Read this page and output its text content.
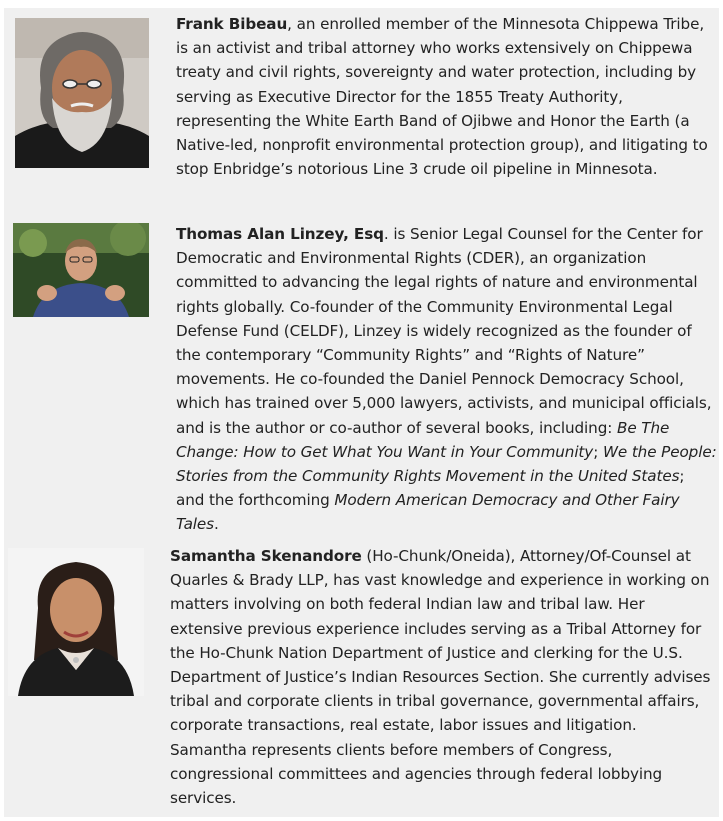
Frank Bibeau, an enrolled member of the Minnesota Chippewa Tribe, is an activist and tribal attorney who works extensively on Chippewa treaty and civil rights, sovereignty and water protection, including by serving as Executive Director for the 1855 Treaty Authority, representing the White Earth Band of Ojibwe and Honor the Earth (a Native-led, nonprofit environmental protection group), and litigating to stop Enbridge’s notorious Line 3 crude oil pipeline in Minnesota.
Thomas Alan Linzey, Esq. is Senior Legal Counsel for the Center for Democratic and Environmental Rights (CDER), an organization committed to advancing the legal rights of nature and environmental rights globally. Co-founder of the Community Environmental Legal Defense Fund (CELDF), Linzey is widely recognized as the founder of the contemporary “Community Rights” and “Rights of Nature” movements. He co-founded the Daniel Pennock Democracy School, which has trained over 5,000 lawyers, activists, and municipal officials, and is the author or co-author of several books, including: Be The Change: How to Get What You Want in Your Community; We the People: Stories from the Community Rights Movement in the United States; and the forthcoming Modern American Democracy and Other Fairy Tales.
Samantha Skenandore (Ho-Chunk/Oneida), Attorney/Of-Counsel at Quarles & Brady LLP, has vast knowledge and experience in working on matters involving on both federal Indian law and tribal law. Her extensive previous experience includes serving as a Tribal Attorney for the Ho-Chunk Nation Department of Justice and clerking for the U.S. Department of Justice’s Indian Resources Section. She currently advises tribal and corporate clients in tribal governance, governmental affairs, corporate transactions, real estate, labor issues and litigation. Samantha represents clients before members of Congress, congressional committees and agencies through federal lobbying services.
